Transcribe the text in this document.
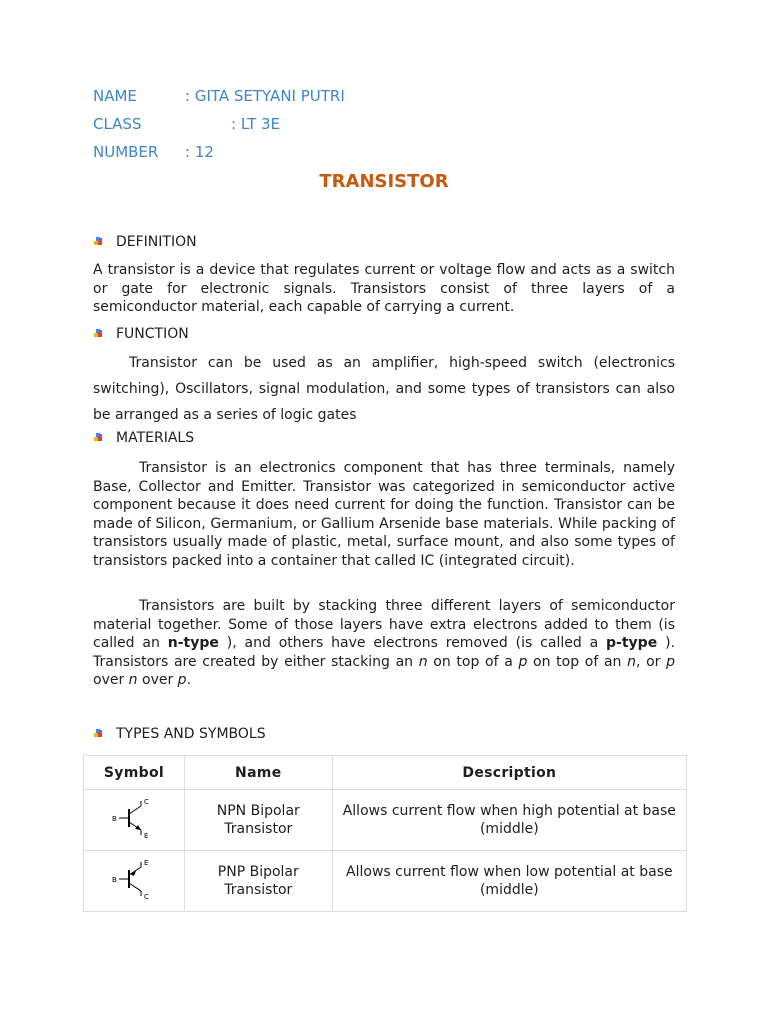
NAME	: GITA SETYANI PUTRI
CLASS	: LT 3E
NUMBER : 12
TRANSISTOR
DEFINITION

A transistor is a device that regulates current or voltage flow and acts as a switch or gate for electronic signals. Transistors consist of three layers of a semiconductor material, each capable of carrying a current.

FUNCTION

Transistor can be used as an amplifier, high-speed switch (electronics switching), Oscillators, signal modulation, and some types of transistors can also be arranged as a series of logic gates

MATERIALS

Transistor is an electronics component that has three terminals, namely Base, Collector and Emitter. Transistor was categorized in semiconductor active component because it does need current for doing the function. Transistor can be made of Silicon, Germanium, or Gallium Arsenide base materials. While packing of transistors usually made of plastic, metal, surface mount, and also some types of transistors packed into a container that called IC (integrated circuit).

Transistors are built by stacking three different layers of semiconductor material together. Some of those layers have extra electrons added to them (is called an n-type ), and others have electrons removed (is called a p-type ). Transistors are created by either stacking an n on top of a p on top of an n, or p over n over p.

TYPES AND SYMBOLS
Symbol	Name	Description

B
C
E	NPN Bipolar Transistor	Allows current flow when high potential at base (middle)

B
E
C	PNP Bipolar Transistor	Allows current flow when low potential at base (middle)
